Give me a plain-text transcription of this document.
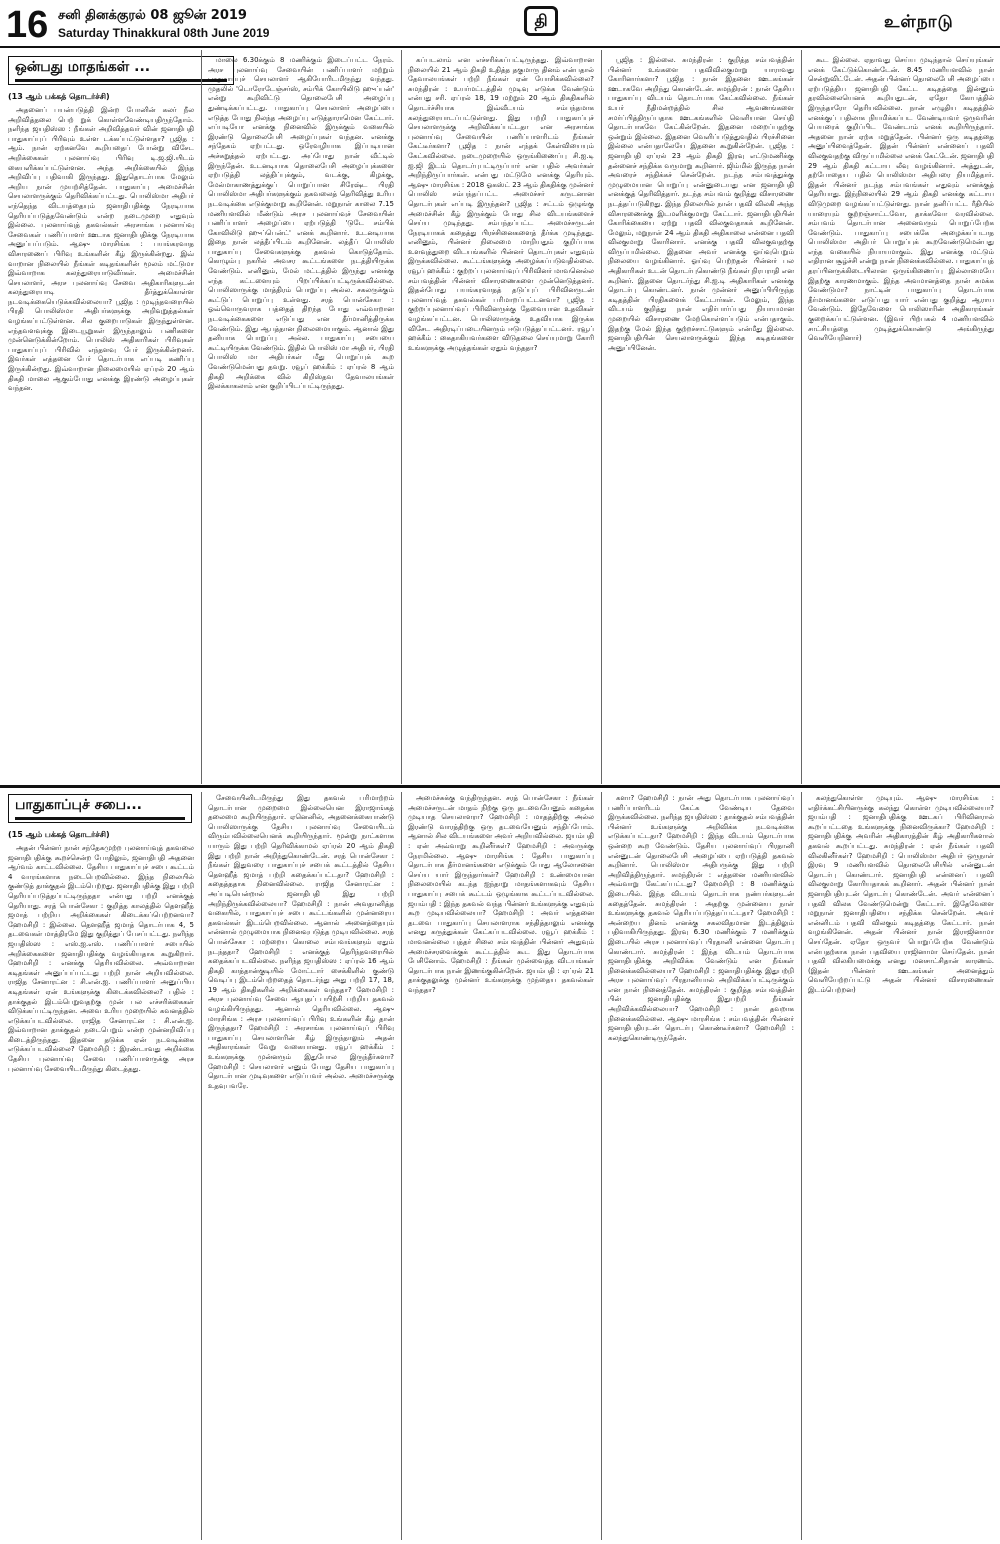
16 சனி தினக்குரல் 08 ஜூன் 2019
Saturday Thinakkural 08th June 2019
தி	உள்நாடு
ஒன்பது மாதங்கள் ...
(13 ஆம் பக்கத் தொடர்ச்சி)

அதனைப் பயன்படுத்தி இன்ற போனின் கலர் நீல அறிவித்தலை பெற் றுக் கொள்ளவேண்டியதிருந்தோம். நளிந்த ஜயதிஸ்ஸ : நீங்கள் அறிவித்தவர் வின் ஜனாதிபதி பாதுகாப்புப் பிரிவும் உள்ள டக்கப்பட்டுள்ளதா? பூஜித : ஆம். நான் ஏற்கனவே கூறியதைப் போன்று விசேட அறிக்கைகள் புலனாய்வு பிரிவு டி.ஜ.ஜி.யிடம் கையளிக்கப்பட்டுள்ளன. அந்த அறிக்கையில் இந்த அறிவிப்பு பதிவாகி இருந்தது. இதுதொடர்பாக மேலும் அறிய நான் முயற்சித்தேன். பாதுகாப்பு அமைச்சின் செயலாளருக்கும் தெரிவிக்கப்பட்டது. பொலிஸ்மா அதிபர் எந்தெந்த விடயத்தையும் ஜனாதிபதிக்கு நேரடியாக தெரியப்படுத்தவேண்டும் என்ற நடைமுறை எதுவும் இல்லை. புலனாய்வுத் தகவல்கள் அரசாங்க புலனாய்வு சேவைகள் பணிப்பாளர் ஊடாக ஜனாதிபதிக்கு நேரடியாக அனுப்பப்படும். ஆஷு மாரசிங்க : பயங்கரவாத விசாரணைப் பிரிவு உங்களின் கீழ் இருக்கின்றது. இவ் வாறான நிலையில் நீங்கள் கடிதங்களின் மூலம் மட்டுமா இவ்வாறாக கலந்துரையாடுவீர்கள். அமைச்சின் செயலாளர், அரச புலனாய்வு சேவை அதிகாரிகளுடன் கலந்துரையாடி தீர்த்துக்கொள்ள நடவடிக்கையெடுக்கவில்லையா? பூஜித : முடிந்தவரையில் பிரதி பொலிஸ்மா அதிபர்களுக்கு அறிவுறுத்தல்கள் வழங்கப்பட்டுள்ளன. சில குறைபாடுகள் இருந்துள்ளன. எந்தவளவுக்கு இடையூறுகள் இருந்தாலும் பணிகளை முன்னெடுக்கின்றோம். பொலிஸ் அதிகாரிகள் பிரிவுகள் பாதுகாப்புப் பிரிவில் எந்தளவு பேர் இருக்கின்றனர். இவர்கள் எத்தனை பேர் தொடர்பாக எப்படி கணிப்பு இருக்கின்றது. இவ்வாறான நிலைமையில் ஏப்ரல் 20 ஆம் திகதி மாலை ஆகும்போது எனக்கு இரண்டு அழைப்புகள் வந்தன.

மாலை 6.30க்கும் 8 மணிக்கும் இடைப்பட்ட நேரம். அரச புலனாய்வு சேவையின் பணிப்பாளர் மற்றும் பாதுகாப்புச் செயலாளர் ஆகியோரிடமிருந்து வந்தது. முதலில் 'டொரோடேஞ்சர்ஸ், சம்பிக் கோயிலிடு ஹுப்பன்' என்று கூறிவிட்டு தொலைபேசி அழைப்பு துண்டிக்கப்பட்டது. பாதுகாப்பு செயலாளர் அழைப்பை எடுத்த போது நிலந்த அழைப்பு எடுத்தாராமென கேட்டார். எப்படியோ எனக்கு நினைவில் இருக்கும் வகையில் இரண்டு தொலைபேசி அழைப்புகள் வந்தன. எனக்கு சந்தேகம் ஏற்பட்டது. ஒரேவழியாக இப்படியான அச்சுறுத்தல் ஏற்பட்டது. அப்போது நான் வீட்டில் இருந்தேன். உடனடியாக தொலைபேசி அழைப்புக்களை ஏற்படுத்தி லத்திப்புக்கும், வடக்கு, கிழக்கு, மேல்மாகாணத்துக்குப் பொறுப்பான சிரேஷ்ட பிரதி பொலிஸ்மா அதிபர்களுக்கும் தகவலைத் தெரிவித்து உரிய நடவடிக்கை எடுக்குமாறு கூறினேன். மறுநாள் காலை 7.15 மணியளவில் மீண்டும் அரச புலனாய்வுச் சேவையின் பணிப்பாளர் அழைப்பை ஏற்படுத்தி 'டுடே சம்பிக் கோவிலிடு ஹுப்பென்ட்' எனக் கூறினார். உடனடியாக இதை நான் லத்தீப்பிடம் கூறினேன். லத்தீப் பொலிஸ் பாதுகாப்பு சேவைகளுக்கு தகவல் கொடுத்தோம். கொழும்பு நகரில் அவசர கூட்டங்களை நடத்தியிருக்க வேண்டும். எனினும், மேல் மட்டத்தில் இருந்து எனக்கு எந்த கட்டளையும் பிறப்பிக்கப்பட்டிருக்கவில்லை. பொலிஸாருக்கு மாத்திரம் பொறுப்பு அல்ல. சகலருக்கும் கூட்டுப் பொறுப்பு உள்ளது. சரத் பொன்சேகா : ஓவ்வொருவராக பத்தைத் திறந்த போது எவ்வாறான நடவடிக்கைகளை எடுப்பது என தீர்மானித்திருக்க வேண்டும். இது ஆபத்தான நிலைமையாகும். ஆனால் இது தனியாக பொறுப்பு அல்ல. பாதுகாப்பு சபையை கூட்டியிருக்க வேண்டும். இதில் பொலிஸ் மா அதிபர், பிரதி பொலிஸ் மா அதிபர்கள் மீது பொறுப்புக் கூற வேண்டுமென்பது தவறு. ரவூப் ஹக்கீம் : ஏப்ரல் 8 ஆம் திகதி அறிக்கை வில் கிறிஸ்தவ தேவாலயங்கள் இலக்காகலாம் என குறிப்பிடப்பட்டிருந்தது.

கப்படலாம் என எச்சரிக்கப்பட்டிருந்தது. இவ்வாறான நிலையில் 21 ஆம் திகதி உதித்த தகுமாரு தினம் என்பதால் தேவாலயங்கள் பற்றி நீங்கள் ஏன் யோசிக்கவில்லை? சுமந்திரன் : உயர்மட்டத்தில் முடிவு எடுக்க வேண்டும் என்பது சரி. ஏப்ரல் 18, 19 மற்றும் 20 ஆம் திகதிகளில் தொடர்ச்சியாக இவ்வீடயம் சம்பந்தமாக கலந்துரையாடப்பட்டுள்ளது. இது பற்றி பாதுகாப்புச் செயலாளருக்கு அறிவிக்கப்பட்டதா என அரசாங்க புலனாய்வு சேவையின் பணிப்பாளரிடம் நீங்கள் கேட்டீர்களா? பூஜித : நான் எந்தக் கேள்வியையும் கேட்கவில்லை. நடைமுறையில் ஒருங்கிணைப்பு சி.ஐ.டி ஐ.ஜி இடம் தொடர்புபட்டிருப்பார் என பதில் அவர்கள் அறிந்திருப்பார்கள். என்பது மட்டுமே எனக்கு தெரியும். ஆஷு மாரசிங்க : 2018 ஓகஸ்ட் 23 ஆம் திகதிக்கு முன்னர் பொலிஸ் சம்பந்தப்பட்ட அமைச்சர் கருடனான தொடர்புகள் எப்படி இருந்தன? பூஜித : சட்டம் ஒழுங்கு அமைச்சின் கீழ் இருக்கும் போது சில விடயங்களைச் செய்ய முடிந்தது. சம்பந்தப்பட்ட அமைச்சருடன் நேரடியாகக் கதைத்து பிரச்சினைகளைத் தீர்க்க முடிந்தது. எனினும், பின்னர் நிலைமை மாறியதும் குறிப்பாக உளவுத்துறை விடயங்களில் பின்னர் தொடர்புகள் எதுவும் இருக்கவில்லை. கூட்டங்களுக்கு அழைக்கப்படுவதில்லை. ரவூப் ஹக்கீம் : குற்றப் புலனாய்வுப் பிரிவினர் மாவனெல்ல சம்பவத்தின் பின்னர் விசாரணைகளை முன்னெடுத்தனர். இதன்போது பயங்கரவாதத் தடுப்புப் பிரிவினருடன் புலனாய்வுத் தகவல்கள் பரிமாறப்பட்டனவா? பூஜித : குற்றப்புலனாய்வுப் பிரிவினருக்கு தேவையான உதவிகள் வழங்கப்பட்டன. பொலிஸாருக்கு உதவியாக இருக்க விசேட அதிரடிப்படையினரும் ஈடுபடுத்தப்பட்டனர். ரவூப் ஹக்கீம் : கைதாகியவர்களை விடுதலை செய்யுமாறு கோரி உங்களுக்கு அழுத்தங்கள் ஏதும் வந்ததா?

பூஜித : இல்லை. சுமந்திரன் : குறித்த சம்பவத்தின் பின்னர் உங்களை பதவிவிலகுமாறு யாராவது கோரினார்களா? பூஜித : நான் இதனை ஊடகங்கள் ஊடாகவே அறிந்து கொண்டேன். சுமந்திரன் : நான் தேசிய பாதுகாப்பு விடயம் தொடர்பாக கேட்கவில்லை. நீங்கள் உயர் நீதிமன்றத்தில் சில ஆவணங்களை சமர்ப்பித்திருப்பதாக ஊடகங்களில் வெளியான செய்தி தொடர்பாகவே கேட்கின்றேன். இதனை மறைப்பதற்கு ஒன்றும் இல்லை. இதனை வெளிப்படுத்துவதில் பிரச்சினை இல்லை என்பதாலேயே இதனை கூறுகின்றேன். பூஜித : ஜனாதிபதி ஏப்ரல் 23 ஆம் திகதி இரவு எட்டுமணிக்கு தன்னைச் சந்திக்க வருமாறு கூறினார். ஜிம்மில் இருந்த நான் அவரைச் சந்திக்கச் சென்றேன். நடந்த சம்பவத்துக்கு முழுமையான பொறுப்பு என்னுடையது என ஜனாதிபதி எனக்குத் தெரிவித்தார். நடந்த சம்பவம் குறித்து விசாரணை நடத்தப்படுகிறது. இந்த நிலையில் நான் பதவி விலகி அந்த விசாரணைக்கு இடமளிக்குமாறு கேட்டார். ஜனாதிபதியின் கோரிக்கையை ஏற்று பதவி விலகுவதாகக் கூறினேன். மேலும், மறுநாள் 24 ஆம் திகதி அதிகாலை என்னை பதவி விலகுமாறு கோரினார். எனக்கு பதவி விலகுவதற்கு விருப்பமில்லை. இதனை அவர் எனக்கு ஓய்வுபெறும் நிலையை வழங்கினார். ஓய்வு பெற்றதன் பின்னர் பல அதிகாரிகள் உடன் தொடர்புகொண்டு நீங்கள் நிரபராதி என கூறினர். இதனை தொடர்ந்து சி.ஐ.டி அதிகாரிகள் எனக்கு தொடர்பு கொண்டனர். நான் முன்னர் அனுப்பியிருந்த கடிதத்தின் பிரதிகளைக் கேட்டார்கள். மேலும், இந்த விடயம் குறித்து நான் எதிர்பார்ப்பது நியாயமான முறையில் விசாரணை மேற்கொள்ளப்படும் என்பதாகும். இதற்கு மேல் இந்த குற்றச்சாட்டுகளும் என்மீது இல்லை. ஜனாதிபதியின் செயலாளருக்கும் இந்த கடிதங்களை அனுப்பினேன்.

கூட இல்லை. ஏதாவது செய்ய முடிந்தால் செய்யுங்கள் எனக் கேட்டுக்கொண்டேன். 8.45 மணியளவில் நான் சென்றுவிட்டேன். அதன் பின்னர் தொலைபேசி அழைப்பை ஏற்படுத்திய ஜனாதிபதி கேட்ட கடிதத்தை இன்னும் தரவில்லையெனக் கூறியதுடன், ஏதோ கோபத்தில் இருந்தாரோ தெரியவில்லை. நான் எழுதிய கடிதத்தில் எனக்குப் பதிலாக நியமிக்கப்பட வேண்டியவர் ஒருவரின் பெயரைக் குறிப்பிட வேண்டாம் எனக் கூறியிருந்தார். அதனை நான் ஏற்க மறுத்தேன். பின்னர் ஒரு கடிதத்தை அனுப்பிவைத்தேன். இதன் பின்னர் என்னைப் பதவி விலகுவதற்கு விருப்பமில்லை எனக் கேட்டேன். ஜனாதிபதி 29 ஆம் திகதி கட்டாய லீவு வழங்கினார். அத்துடன், தற்போதைய பதில் பொலிஸ்மா அதிபரை நியமித்தார். இதன் பின்னர் நடந்த சம்பவங்கள் எதுவும் எனக்குத் தெரியாது. இந்நிலையில் 29 ஆம் திகதி எனக்கு கட்டாய விடுமுறை வழங்கப்பட்டுள்ளது. நான் தனிப்பட்ட ரீதியில் யாரையும் குற்றஞ்சாட்டவோ, தாக்கவோ வரவில்லை. சம்பவம் தொடர்பான அனைவரும் பொறுப்பேற்க வேண்டும். பாதுகாப்பு சபைக்கே அழைக்கப்படாத பொலிஸ்மா அதிபர் பொறுப்புக் கூறவேண்டுமென்பது எந்த வகையில் நியாயமாகும். இது எனக்கு மட்டும் எதிரான சூழ்ச்சி என்று நான் நினைக்கவில்லை. பாதுகாப்புத் தரப்பினருக்கிடையிலான ஒருங்கிணைப்பு இல்லாமையே இதற்கு காரணமாகும். இந்த அவமானத்தை நான் சுமக்க வேண்டுமா? நாட்டின் பாதுகாப்பு தொடர்பாக தீர்மானங்களை எடுப்பது யார் என்பது குறித்து ஆராய வேண்டும். இதேவேளை பொலிஸாரின் அதிகாரங்கள் குறைக்கப்பட்டுள்ளன. (இவர் பிற்பகல் 4 மணியளவில் சாட்சியத்தை முடித்துக்கொண்டு அங்கிருந்து வெளியேறினார்)

பாதுகாப்புச் சபை...
(15 ஆம் பக்கத் தொடர்ச்சி)

அதன் பின்னர் நான் சந்தேகமுற்ற புலனாய்வுத் தகவலை ஜனாதிபதிக்கு கூறச்சென்ற போதிலும், ஜனாதிபதி அதனை ஆர்வம் காட்டவில்லை. தேசிய பாதுகாப்புச் சபை கூட்டம் 4 வாரங்களாக நடைபெறவில்லை. இந்த நிலையில் குண்டுத் தாக்குதல் இடம்பெற்றது. ஜனாதிபதிக்கு இது பற்றி தெரியப்படுத்தப்பட்டிருந்ததா என்பது பற்றி எனக்குத் தெரியாது. சரத் பொன்சேகா : குறித்த காலத்தில் தௌஹீத் ஜமாத் பற்றிய அறிக்கைகள் கிடைக்கப்பெற்றனவா? ஹேமசிறி : இல்லை. தௌஹீத் ஜமாத் தொடர்பாக 4, 5 தடவைகள் மாத்திரமே இது குறித்துப் பேசப்பட்டது. நளிந்த ஜயதிஸ்ஸ : எஸ்.ஐ.எஸ். பணிப்பாளர் சபையில் அறிக்கைகளை ஜனாதிபதிக்கு வழங்கியதாக கூறுகிறார். ஹேமசிறி : எனக்கு தெரியவில்லை. அவ்வாறான கடிதங்கள் அனுப்பப்பட்டது பற்றி நான் அறியவில்லை. ராஜித சேனாரட்ன : சி.என்.ஐ. பணிப்பாளர் அனுப்பிய கடிதங்கள் ஏன் உங்களுக்கு கிடைக்கவில்லை? பதில் : தாக்குதல் இடம்பெறுவதற்கு முன் பல எச்சரிக்கைகள் விடுக்கப்பட்டிருந்தன. அவை உரிய முறையில் கவனத்தில் எடுக்கப்படவில்லை. ராஜித சேனாரட்ன : சி.என்.ஐ. இவ்வாறான தாக்குதல் நடைபெறும் என்ற முன்னறிவிப்பு கிடைத்திருந்தது. இதனை தடுக்க ஏன் நடவடிக்கை எடுக்கப்படவில்லை? ஹேமசிறி : இரண்டாவது அறிக்கை தேசிய புலனாய்வு சேவை பணிப்பாளருக்கு அரச புலனாய்வு சேவையிடமிருந்து கிடைத்தது.

சேவையினிடமிருந்து இது தகவல் பரிமாற்றம் தொடர்பான முறைமை இல்லையென இராஜாங்கத் தலைமை கூறியிருந்தார். ஏனெனில், அதனைக்கையாண்டு பொலிஸாருக்கு தேசிய புலனாய்வு சேவையிடம் விரும்பவில்லையெனக் கூறியிருந்தார். மூன்று நாட்களாக யாரும் இது பற்றி தெரிவிக்காமல் ஏப்ரல் 20 ஆம் திகதி இது பற்றி நான் அறிந்துகொண்டேன். சரத் பொன்சேகா : நீங்கள் இதுவரை பாதுகாப்புச் சபைக் கூட்டத்தில் தேசிய தௌஹீத் ஜமாத் பற்றி கதைக்கப்பட்டதா? ஹேமசிறி : கதைத்ததாக நினைவில்லை. ராஜித சேனாரட்ன : அப்படியென்றால் ஜனாதிபதி இது பற்றி அறிந்திருக்கவில்லையா? ஹேமசிறி : நான் அவதானித்த வகையில், பாதுகாப்புச் சபை கூட்டங்களில் முன்னரைய தகவல்கள் இடம்பெறவில்லை. ஆனால் அனைத்தையும் என்னால் முழுமையாக நினைவுபடுத்த முடியவில்லை. சரத் பொன்சேகா : மற்றைய கொலை சம்பவங்களும் ஏதும் நடந்ததா? ஹேமசிறி : எனக்குத் தெரிந்தவரையில் கதைக்கப்படவில்லை. நளிந்த ஜயதிஸ்ஸ : ஏப்ரல் 16 ஆம் திகதி காத்தான்குடியில் மோட்டார் சைக்கிளில் குண்டு வெடிப்பு இடம்பெற்றதைத் தொடர்ந்து அது பற்றி 17, 18, 19 ஆம் திகதிகளில் அறிக்கைகள் வந்ததா? ஹேமசிறி : அரச புலனாய்வு சேவை ஆயுதப் பயிற்சி பற்றிய தகவல் வழங்கியிருந்தது. ஆனால் தெரியவில்லை. ஆஷு மாரசிங்க : அரச புலனாய்வுப் பிரிவு உங்களின் கீழ் தான் இருந்ததா? ஹேமசிறி : அரசாங்க புலனாய்வுப் பிரிவு பாதுகாப்பு செயலாளரின் கீழ் இருந்தாலும் அதன் அதிகாரங்கள் வேறு வகையானது. ரவூப் ஹக்கீம் : உங்களுக்கு முன்னரும் இதுபோல இருந்தீர்களா? ஹேமசிறி : செயலாளர் எனும் போது தேசிய பாதுகாப்பு தொடர்பான முடிவுகளை எடுப்பவர் அல்ல. அமைச்சருக்கு உதவுபவரே.

அமைச்சுக்கு வந்திருந்தன. சரத் பொன்சேகா : நீங்கள் அமைச்சருடன் மாதம் நிற்கு ஒரு தடவையேனும் கதைக்க முடியாத செயலாளரா? ஹேமசிறி : மாதத்திற்கு அல்ல இரண்டு வாரத்திற்கு ஒரு தடவையேனும் சந்திப்போம். ஆனால் சில விடயங்களை அவர் அறியவில்லை. ஜயம்பதி : ஏன் அவ்வாறு கூறினீர்கள்? ஹேமசிறி : அவருக்கு நேரமில்லை. ஆஷு மாரசிங்க : தேசிய பாதுகாப்பு தொடர்பாக தீர்மானங்களை எடுக்கும் போது ஆலோசனை செய்ய யார் இருந்தார்கள்? ஹேமசிறி : உண்மையான நிலைமையில் கடந்த ஐந்தாறு மாதங்களாகவும் தேசிய பாதுகாப்பு சபைக் கூட்டம் ஒழுங்காக கூட்டப்படவில்லை. ஜயம்பதி : இந்த தகவல் வந்த பின்னர் உங்களுக்கு எதுவும் கூற முடியவில்லையா? ஹேமசிறி : அவர் எத்தனை தடவை பாதுகாப்பு செயலாளராக சந்தித்தாலும் எனக்கு எனது கருத்துக்கள் கேட்கப்படவில்லை. ரவூப் ஹக்கீம் : மாவனல்லை புத்தர் சிலை சம்பவத்தின் பின்னர் அதுவும் அமைச்சரவைக்குக் கூட்டத்தில் கூட இது தொடர்பாக பேசினோம். ஹேமசிறி : நீங்கள் முன்வைத்த விடயங்கள் தொடர்பாக நான் இணங்குகின்றேன். ஜயம்பதி : ஏப்ரல் 21 தாக்குதலுக்கு முன்னர் உங்களுக்கு முந்தைய தகவல்கள் வந்ததா?

களா? ஹேமசிறி : நான் அது தொடர்பாக புலனாய்வுப் பணிப்பாளரிடம் கேட்க வேண்டிய தேவை இருக்கவில்லை. நளிந்த ஜயதிஸ்ஸ : தாக்குதல் சம்பவத்தின் பின்னர் உங்களுக்கு அறிவிக்க நடவடிக்கை எடுக்கப்பட்டதா? ஹேமசிறி : இந்த விடயம் தொடர்பாக ஒன்றை கூற வேண்டும். தேசிய புலனாய்வுப் பிரதானி என்னுடன் தொலைபேசி அழைப்பை ஏற்படுத்தி தகவல் கூறினார். பொலிஸ்மா அதிபருக்கு இது பற்றி அறிவித்திருந்தார். சுமந்திரன் : எத்தனை மணியளவில் அவ்வாறு கேட்கப்பட்டது? ஹேமசிறி : 8 மணிக்கும் இடையில். இந்த விடயம் தொடர்பாக நண்பர்களுடன் கதைத்தேன். சுமந்திரன் : அதற்கு முன்னைய நாள் உங்களுக்கு தகவல் தெரியப்படுத்தப்பட்டதா? ஹேமசிறி : அன்றைய தினம் எனக்கு சகலவிதமான இடத்திலும் பதிவாகியிருந்தது. இரவு 6.30 மணிக்கும் 7 மணிக்கும் இடையில் அரச புலனாய்வுப் பிரதானி என்னை தொடர்பு கொண்டார். சுமந்திரன் : இந்த விடயம் தொடர்பாக ஜனாதிபதிக்கு அறிவிக்க வேண்டும் என நீங்கள் நினைக்கவில்லையா? ஹேமசிறி : ஜனாதிபதிக்கு இதுபற்றி அரச புலனாய்வுப் பிரதானியால் அறிவிக்கப்பட்டிருக்கும் என நான் நினைத்தேன். சுமந்திரன் : குறித்த சம்பவத்தின் பின் ஜனாதிபதிக்கு இதுபற்றி நீங்கள் அறிவிக்கவில்லையா? ஹேமசிறி : நான் தவறாக நினைக்கவில்லை. ஆஷு மாரசிங்க : சம்பவத்தின் பின்னர் ஜனாதிபதியுடன் தொடர்பு கொண்டீர்களா? ஹேமசிறி : கலந்துகொண்டிருந்தேன்.

கலந்துகொள்ள முடியும். ஆஷு மாரசிங்க : எதிர்க்கட்சியினருக்கு கலந்து கொள்ள முடியவில்லையா? ஜயம்பதி : ஜனாதிபதிக்கு ஊடகப் பிரிவினரால் கூறப்பட்டதை உங்களுக்கு நினைவிருக்கா? ஹேமசிறி : ஜனாதிபதிக்கு அவரின் அதிகாரத்தின் கீழ் அதிகாரிகளால் தகவல் கூறப்பட்டது. சுமந்திரன் : ஏன் நீங்கள் பதவி விலகினீர்கள்? ஹேமசிறி : பொலிஸ்மா அதிபர் ஒருநாள் இரவு 9 மணியளவில் தொலைபேசியில் என்னுடன் தொடர்பு கொண்டார். ஜனாதிபதி என்னைப் பதவி விலகுமாறு கோரியதாகக் கூறினார். அதன் பின்னர் நான் ஜனாதிபதியுடன் தொடர்பு கொண்டேன். அவர் என்னைப் பதவி விலக வேண்டுமென்று கேட்டார். இதேவேளை மறுநாள் ஜனாதிபதியை சந்திக்க சென்றேன். அவர் என்னிடம் பதவி விலகும் கடிதத்தை கேட்டார். நான் வழங்கினேன். அதன் பின்னர் நான் இராஜினாமா செய்தேன். ஏதோ ஒருவர் பொறுப்பேற்க வேண்டும் என்பதற்காக நான் பதவியை ராஜினாமா செய்தேன். நான் பதவி விலகியமைக்கு எனது மனசாட்சிதான் காரணம். (இதன் பின்னர் ஊடகங்கள் அனைத்தும் வெளியேற்றப்பட்டு அதன் பின்னர் விசாரணைகள் இடம்பெற்றன)
